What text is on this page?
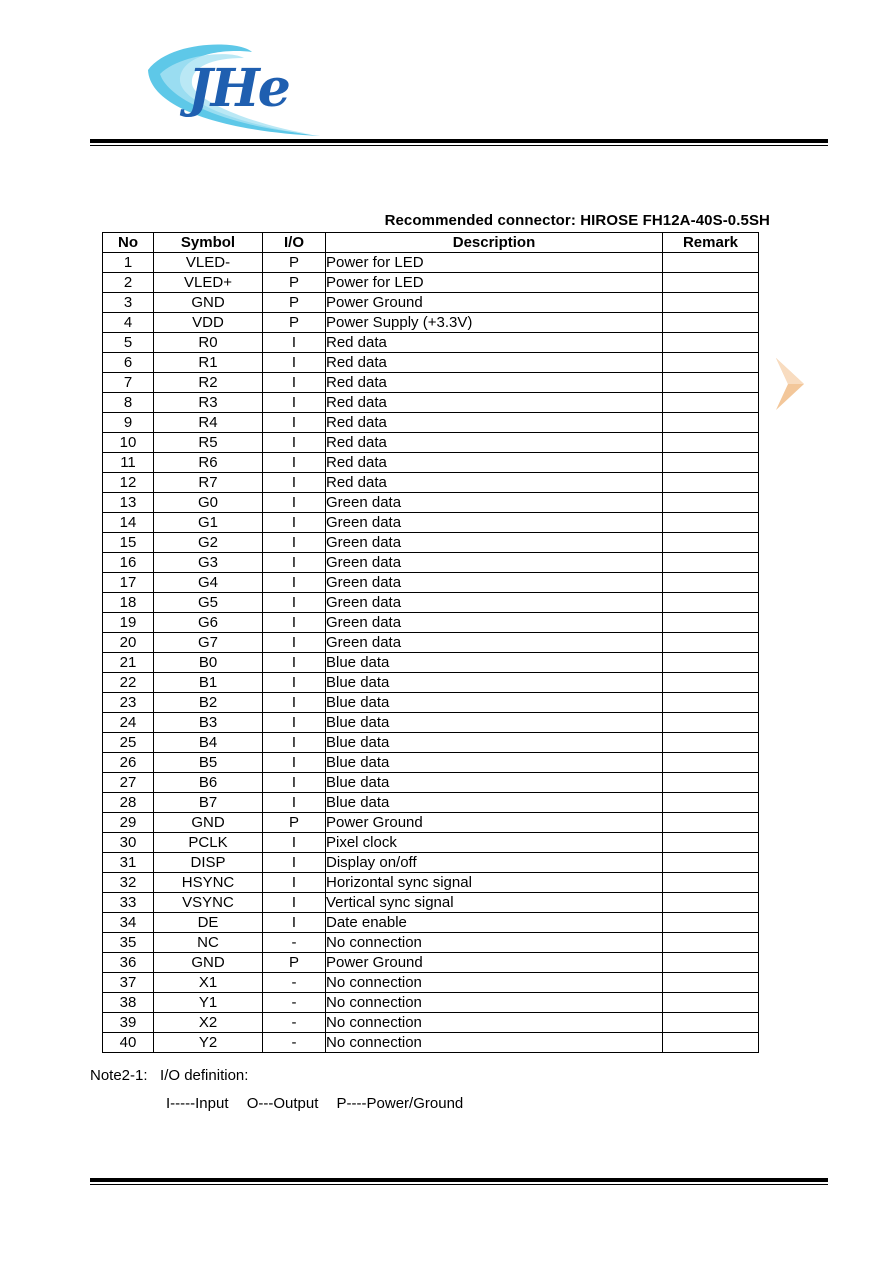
JHe
Recommended connector: HIROSE FH12A-40S-0.5SH
No	Symbol	I/O	Description	Remark
1	VLED-	P	Power for LED	
2	VLED+	P	Power for LED	
3	GND	P	Power Ground	
4	VDD	P	Power Supply (+3.3V)	
5	R0	I	Red data	
6	R1	I	Red data	
7	R2	I	Red data	
8	R3	I	Red data	
9	R4	I	Red data	
10	R5	I	Red data	
11	R6	I	Red data	
12	R7	I	Red data	
13	G0	I	Green data	
14	G1	I	Green data	
15	G2	I	Green data	
16	G3	I	Green data	
17	G4	I	Green data	
18	G5	I	Green data	
19	G6	I	Green data	
20	G7	I	Green data	
21	B0	I	Blue data	
22	B1	I	Blue data	
23	B2	I	Blue data	
24	B3	I	Blue data	
25	B4	I	Blue data	
26	B5	I	Blue data	
27	B6	I	Blue data	
28	B7	I	Blue data	
29	GND	P	Power Ground	
30	PCLK	I	Pixel clock	
31	DISP	I	Display on/off	
32	HSYNC	I	Horizontal sync signal	
33	VSYNC	I	Vertical sync signal	
34	DE	I	Date enable	
35	NC	-	No connection	
36	GND	P	Power Ground	
37	X1	-	No connection	
38	Y1	-	No connection	
39	X2	-	No connection	
40	Y2	-	No connection	
Note2-1:   I/O definition:
I-----Input O---Output P----Power/Ground
